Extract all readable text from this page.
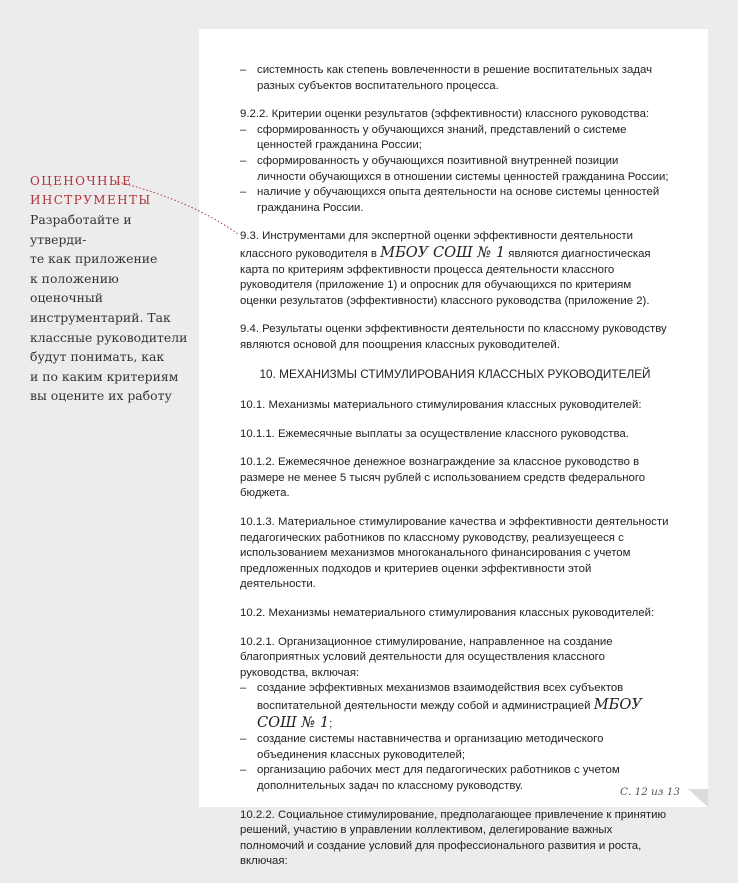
ОЦЕНОЧНЫЕ ИНСТРУМЕНТЫ
Разработайте и утверди-
те как приложение
к положению оценочный
инструментарий. Так
классные руководители
будут понимать, как
и по каким критериям
вы оцените их работу
– системность как степень вовлеченности в решение воспитательных задач разных субъектов воспитательного процесса.

9.2.2. Критерии оценки результатов (эффективности) классного руководства:

– сформированность у обучающихся знаний, представлений о системе ценностей гражданина России;
– сформированность у обучающихся позитивной внутренней позиции личности обучающихся в отношении системы ценностей гражданина России;
– наличие у обучающихся опыта деятельности на основе системы ценностей гражданина России.

9.3. Инструментами для экспертной оценки эффективности деятельности классного руководителя в МБОУ СОШ № 1 являются диагностическая карта по критериям эффективности процесса деятельности классного руководителя (приложение 1) и опросник для обучающихся по критериям оценки результатов (эффективности) классного руководства (приложение 2).

9.4. Результаты оценки эффективности деятельности по классному руководству являются основой для поощрения классных руководителей.

10. МЕХАНИЗМЫ СТИМУЛИРОВАНИЯ КЛАССНЫХ РУКОВОДИТЕЛЕЙ

10.1. Механизмы материального стимулирования классных руководителей:

10.1.1. Ежемесячные выплаты за осуществление классного руководства.

10.1.2. Ежемесячное денежное вознаграждение за классное руководство в размере не менее 5 тысяч рублей с использованием средств федерального бюджета.

10.1.3. Материальное стимулирование качества и эффективности деятельности педагогических работников по классному руководству, реализуещееся с использованием механизмов многоканального финансирования с учетом предложенных подходов и критериев оценки эффективности этой деятельности.

10.2. Механизмы нематериального стимулирования классных руководителей:

10.2.1. Организационное стимулирование, направленное на создание благоприятных условий деятельности для осуществления классного руководства, включая:

– создание эффективных механизмов взаимодействия всех субъектов воспитательной деятельности между собой и администрацией МБОУ СОШ № 1;
– создание системы наставничества и организацию методического объединения классных руководителей;
– организацию рабочих мест для педагогических работников с учетом дополнительных задач по классному руководству.

10.2.2. Социальное стимулирование, предполагающее привлечение к принятию решений, участию в управлении коллективом, делегирование важных полномочий и создание условий для профессионального развития и роста, включая:

С. 12 из 13
